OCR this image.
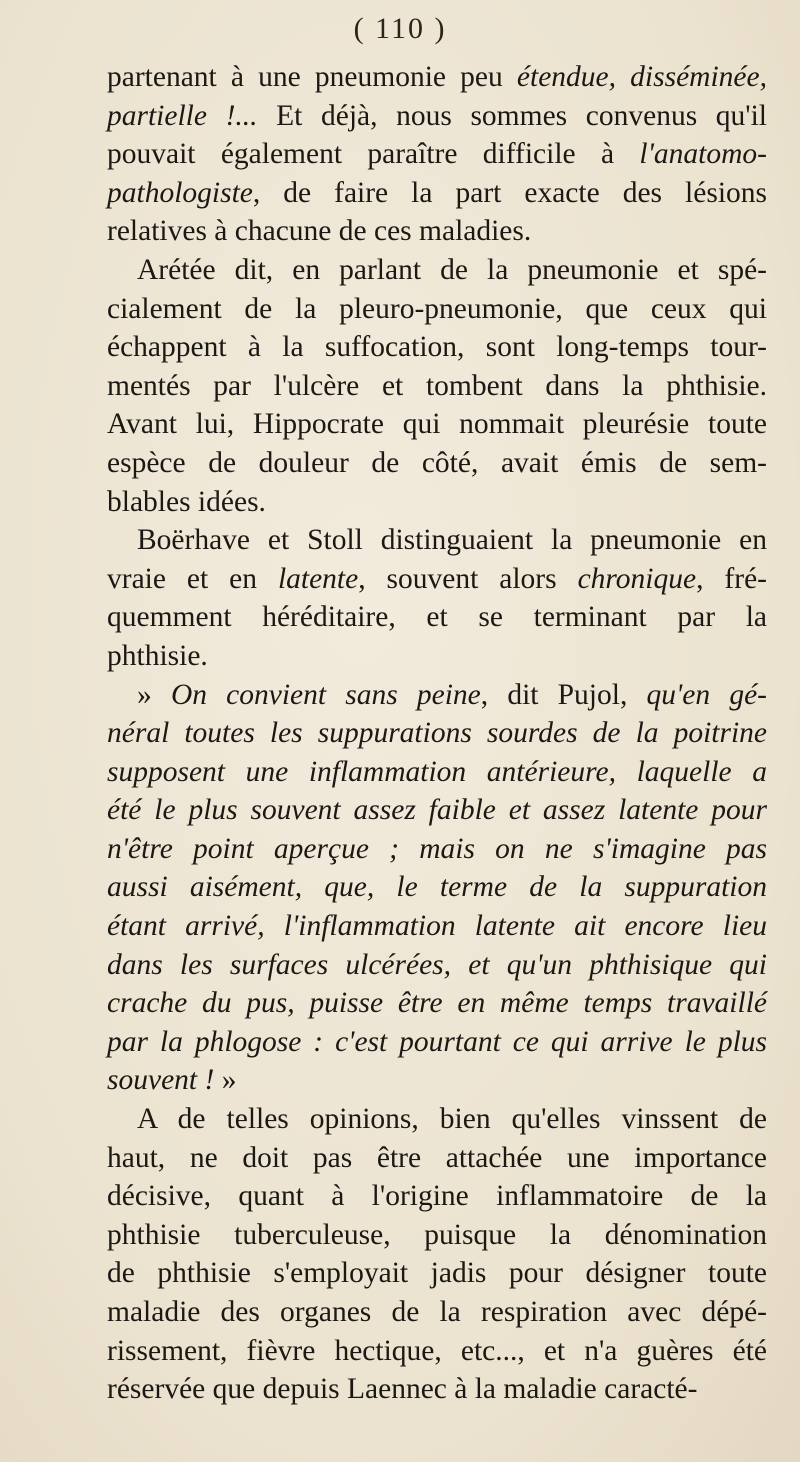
( 110 )
partenant à une pneumonie peu étendue, disséminée,
partielle !... Et déjà, nous sommes convenus qu'il
pouvait également paraître difficile à l'anatomo-
pathologiste, de faire la part exacte des lésions
relatives à chacune de ces maladies.
Arétée dit, en parlant de la pneumonie et spé-
cialement de la pleuro-pneumonie, que ceux qui
échappent à la suffocation, sont long-temps tour-
mentés par l'ulcère et tombent dans la phthisie.
Avant lui, Hippocrate qui nommait pleurésie toute
espèce de douleur de côté, avait émis de sem-
blables idées.
Boërhave et Stoll distinguaient la pneumonie en
vraie et en latente, souvent alors chronique, fré-
quemment héréditaire, et se terminant par la
phthisie.
» On convient sans peine, dit Pujol, qu'en gé-
néral toutes les suppurations sourdes de la poitrine
supposent une inflammation antérieure, laquelle a
été le plus souvent assez faible et assez latente pour
n'être point aperçue ; mais on ne s'imagine pas
aussi aisément, que, le terme de la suppuration
étant arrivé, l'inflammation latente ait encore lieu
dans les surfaces ulcérées, et qu'un phthisique qui
crache du pus, puisse être en même temps travaillé
par la phlogose : c'est pourtant ce qui arrive le plus
souvent ! »
A de telles opinions, bien qu'elles vinssent de
haut, ne doit pas être attachée une importance
décisive, quant à l'origine inflammatoire de la
phthisie tuberculeuse, puisque la dénomination
de phthisie s'employait jadis pour désigner toute
maladie des organes de la respiration avec dépé-
rissement, fièvre hectique, etc..., et n'a guères été
réservée que depuis Laennec à la maladie caracté-
